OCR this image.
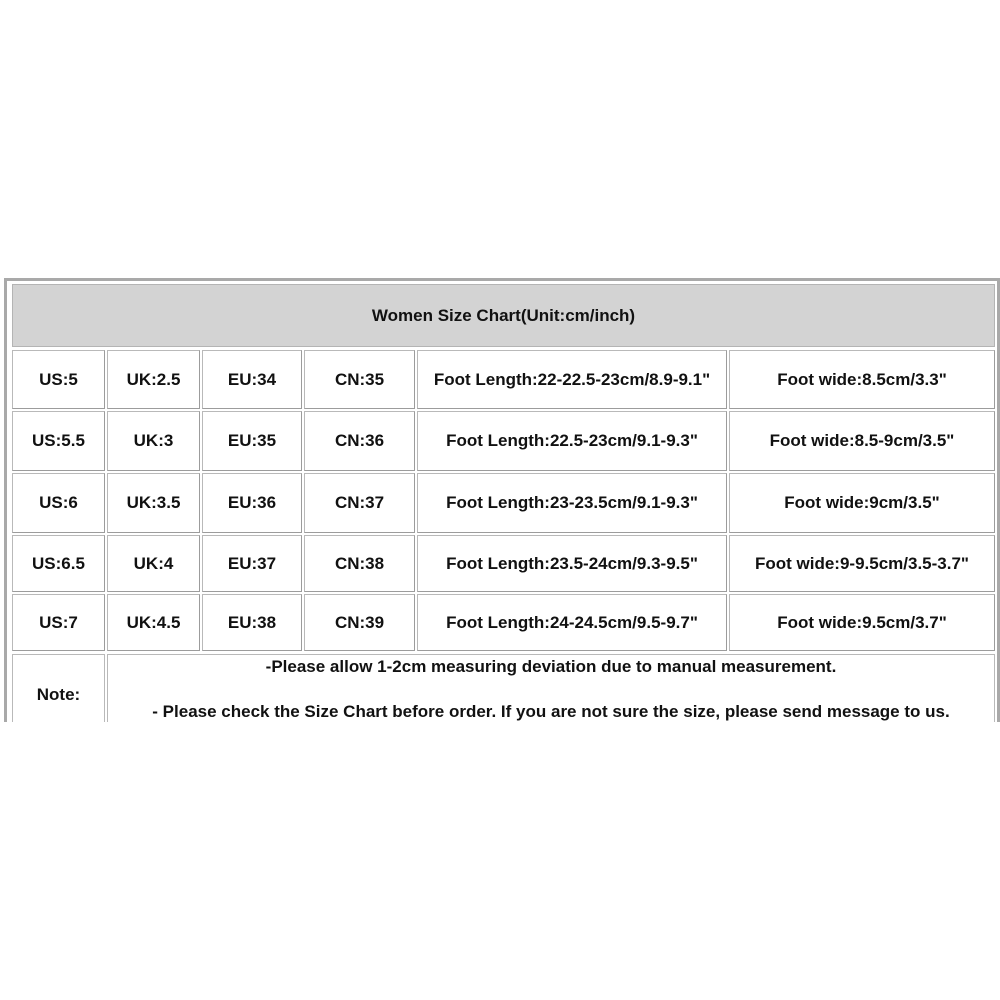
Women Size Chart(Unit:cm/inch)
US:5	UK:2.5	EU:34	CN:35	Foot Length:22-22.5-23cm/8.9-9.1"	Foot wide:8.5cm/3.3"
US:5.5	UK:3	EU:35	CN:36	Foot Length:22.5-23cm/9.1-9.3"	Foot wide:8.5-9cm/3.5"
US:6	UK:3.5	EU:36	CN:37	Foot Length:23-23.5cm/9.1-9.3"	Foot wide:9cm/3.5"
US:6.5	UK:4	EU:37	CN:38	Foot Length:23.5-24cm/9.3-9.5"	Foot wide:9-9.5cm/3.5-3.7"
US:7	UK:4.5	EU:38	CN:39	Foot Length:24-24.5cm/9.5-9.7"	Foot wide:9.5cm/3.7"
Note:
-Please allow 1-2cm measuring deviation due to manual measurement.
- Please check the Size Chart before order. If you are not sure the size, please send message to us.
